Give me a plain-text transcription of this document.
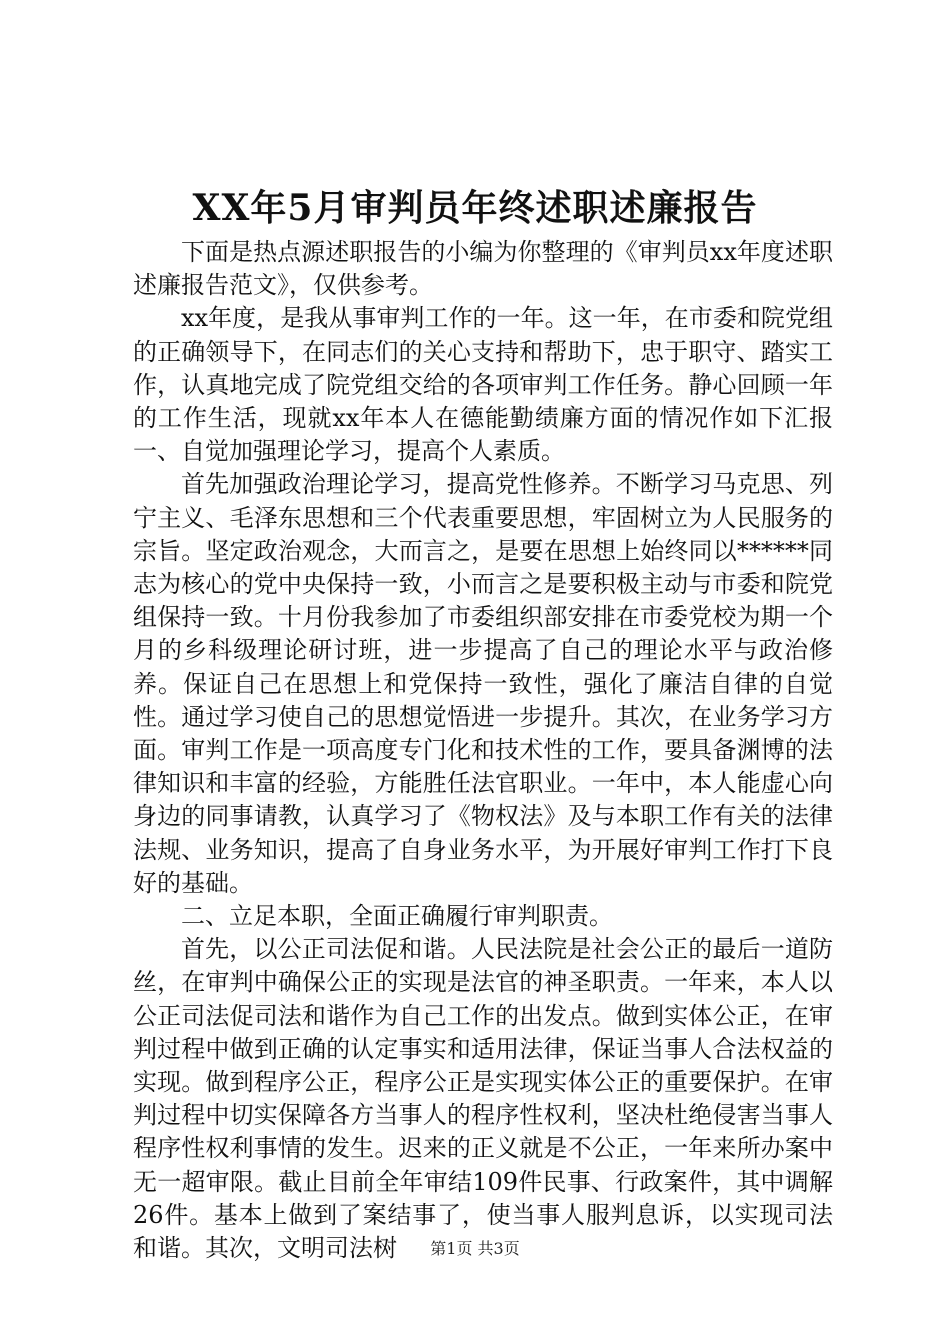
XX年5月审判员年终述职述廉报告

下面是热点源述职报告的小编为你整理的《审判员xx年度述职述廉报告范文》，仅供参考。

xx年度，是我从事审判工作的一年。这一年，在市委和院党组的正确领导下，在同志们的关心支持和帮助下，忠于职守、踏实工作，认真地完成了院党组交给的各项审判工作任务。静心回顾一年的工作生活，现就xx年本人在德能勤绩廉方面的情况作如下汇报一、自觉加强理论学习，提高个人素质。

首先加强政治理论学习，提高党性修养。不断学习马克思、列宁主义、毛泽东思想和三个代表重要思想，牢固树立为人民服务的宗旨。坚定政治观念，大而言之，是要在思想上始终同以******同志为核心的党中央保持一致，小而言之是要积极主动与市委和院党组保持一致。十月份我参加了市委组织部安排在市委党校为期一个月的乡科级理论研讨班，进一步提高了自己的理论水平与政治修养。保证自己在思想上和党保持一致性，强化了廉洁自律的自觉性。通过学习使自己的思想觉悟进一步提升。其次，在业务学习方面。审判工作是一项高度专门化和技术性的工作，要具备渊博的法律知识和丰富的经验，方能胜任法官职业。一年中，本人能虚心向身边的同事请教，认真学习了《物权法》及与本职工作有关的法律法规、业务知识，提高了自身业务水平，为开展好审判工作打下良好的基础。

二、立足本职，全面正确履行审判职责。

首先，以公正司法促和谐。人民法院是社会公正的最后一道防丝，在审判中确保公正的实现是法官的神圣职责。一年来，本人以公正司法促司法和谐作为自己工作的出发点。做到实体公正，在审判过程中做到正确的认定事实和适用法律，保证当事人合法权益的实现。做到程序公正，程序公正是实现实体公正的重要保护。在审判过程中切实保障各方当事人的程序性权利，坚决杜绝侵害当事人程序性权利事情的发生。迟来的正义就是不公正，一年来所办案中无一超审限。截止目前全年审结109件民事、行政案件，其中调解26件。基本上做到了案结事了，使当事人服判息诉，以实现司法和谐。其次，文明司法树	第1页 共3页
